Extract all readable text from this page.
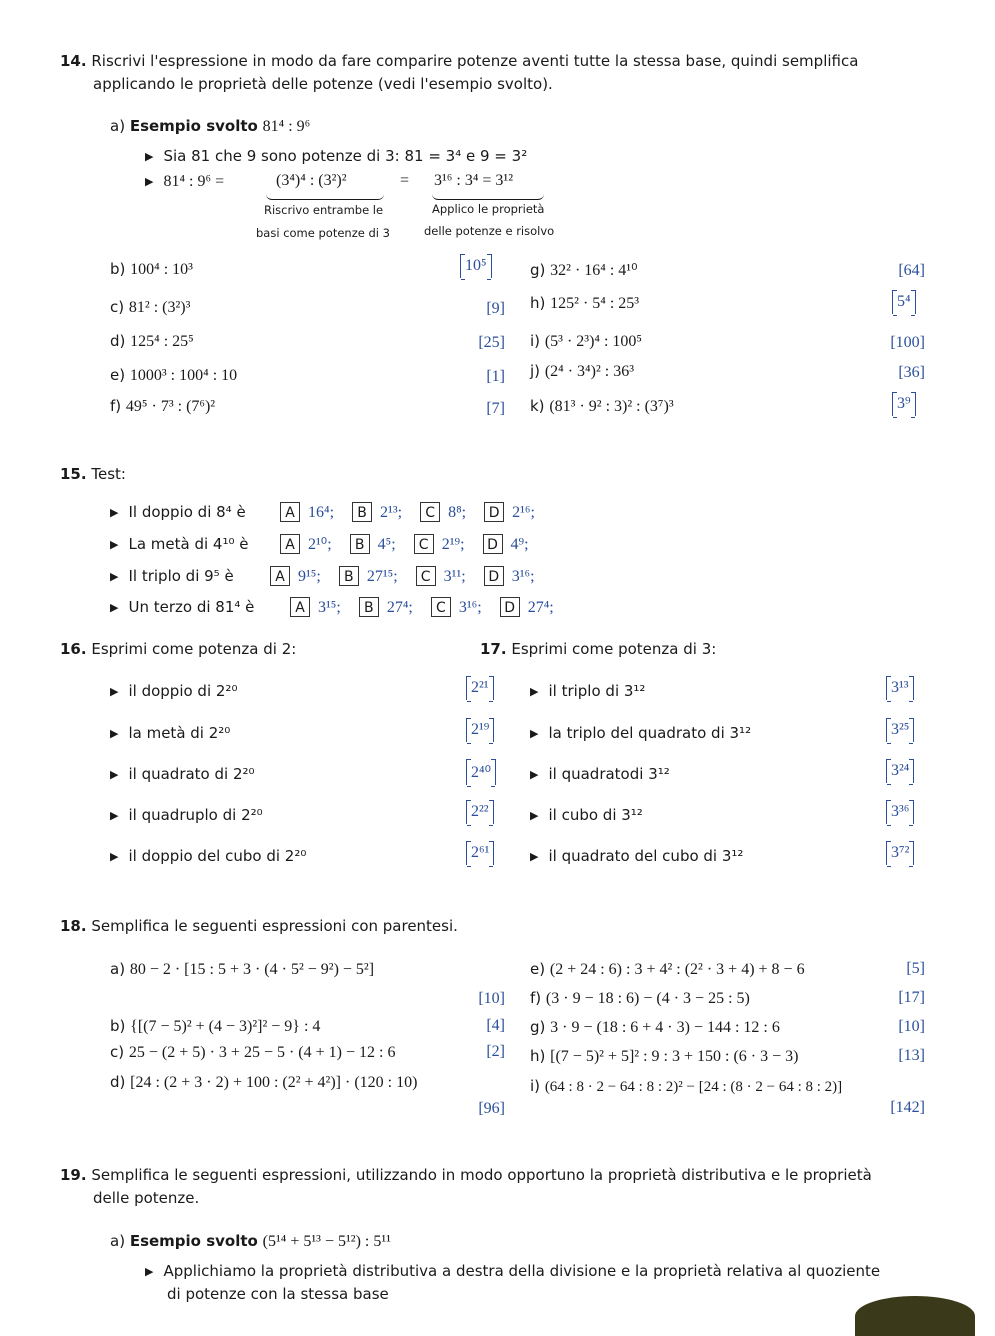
14. Riscrivi l'espressione in modo da fare comparire potenze aventi tutte la stessa base, quindi semplifica
applicando le proprietà delle potenze (vedi l'esempio svolto).
a) Esempio svolto 81⁴ : 9⁶
▶ Sia 81 che 9 sono potenze di 3: 81 = 3⁴ e 9 = 3²
▶ 81⁴ : 9⁶ =	(3⁴)⁴ : (3²)²	= 3¹⁶ : 3⁴ = 3¹²
Riscrivo entrambe le
basi come potenze di 3
Applico le proprietà
delle potenze e risolvo
b) 100⁴ : 10³	10⁵
c) 81² : (3²)³	[9]
d) 125⁴ : 25⁵	[25]
e) 1000³ : 100⁴ : 10	[1]
f) 49⁵ · 7³ : (7⁶)²	[7]
g) 32² · 16⁴ : 4¹⁰	[64]
h) 125² · 5⁴ : 25³	5⁴
i) (5³ · 2³)⁴ : 100⁵	[100]
j) (2⁴ · 3⁴)² : 36³	[36]
k) (81³ · 9² : 3)² : (3⁷)³	3⁹
15. Test:
▶ Il doppio di 8⁴ è	A 16⁴; B 2¹³; C 8⁸; D 2¹⁶;
▶ La metà di 4¹⁰ è	A 2¹⁰; B 4⁵; C 2¹⁹; D 4⁹;
▶ Il triplo di 9⁵ è	A 9¹⁵; B 27¹⁵; C 3¹¹; D 3¹⁶;
▶ Un terzo di 81⁴ è	A 3¹⁵; B 27⁴; C 3¹⁶; D 27⁴;
16. Esprimi come potenza di 2:	17. Esprimi come potenza di 3:
▶ il doppio di 2²⁰	2²¹
▶ la metà di 2²⁰	2¹⁹
▶ il quadrato di 2²⁰	2⁴⁰
▶ il quadruplo di 2²⁰	2²²
▶ il doppio del cubo di 2²⁰	2⁶¹
▶ il triplo di 3¹²	3¹³
▶ la triplo del quadrato di 3¹²	3²⁵
▶ il quadratodi 3¹²	3²⁴
▶ il cubo di 3¹²	3³⁶
▶ il quadrato del cubo di 3¹²	3⁷²
18. Semplifica le seguenti espressioni con parentesi.
a) 80 − 2 · [15 : 5 + 3 · (4 · 5² − 9²) − 5²]
[10]
b) {[(7 − 5)² + (4 − 3)²]² − 9} : 4	[4]
c) 25 − (2 + 5) · 3 + 25 − 5 · (4 + 1) − 12 : 6	[2]
d) [24 : (2 + 3 · 2) + 100 : (2² + 4²)] · (120 : 10)
[96]
e) (2 + 24 : 6) : 3 + 4² : (2² · 3 + 4) + 8 − 6	[5]
f) (3 · 9 − 18 : 6) − (4 · 3 − 25 : 5)	[17]
g) 3 · 9 − (18 : 6 + 4 · 3) − 144 : 12 : 6	[10]
h) [(7 − 5)² + 5]² : 9 : 3 + 150 : (6 · 3 − 3)	[13]
i) (64 : 8 · 2 − 64 : 8 : 2)² − [24 : (8 · 2 − 64 : 8 : 2)]
[142]
19. Semplifica le seguenti espressioni, utilizzando in modo opportuno la proprietà distributiva e le proprietà
delle potenze.
a) Esempio svolto (5¹⁴ + 5¹³ − 5¹²) : 5¹¹
▶ Applichiamo la proprietà distributiva a destra della divisione e la proprietà relativa al quoziente
di potenze con la stessa base
